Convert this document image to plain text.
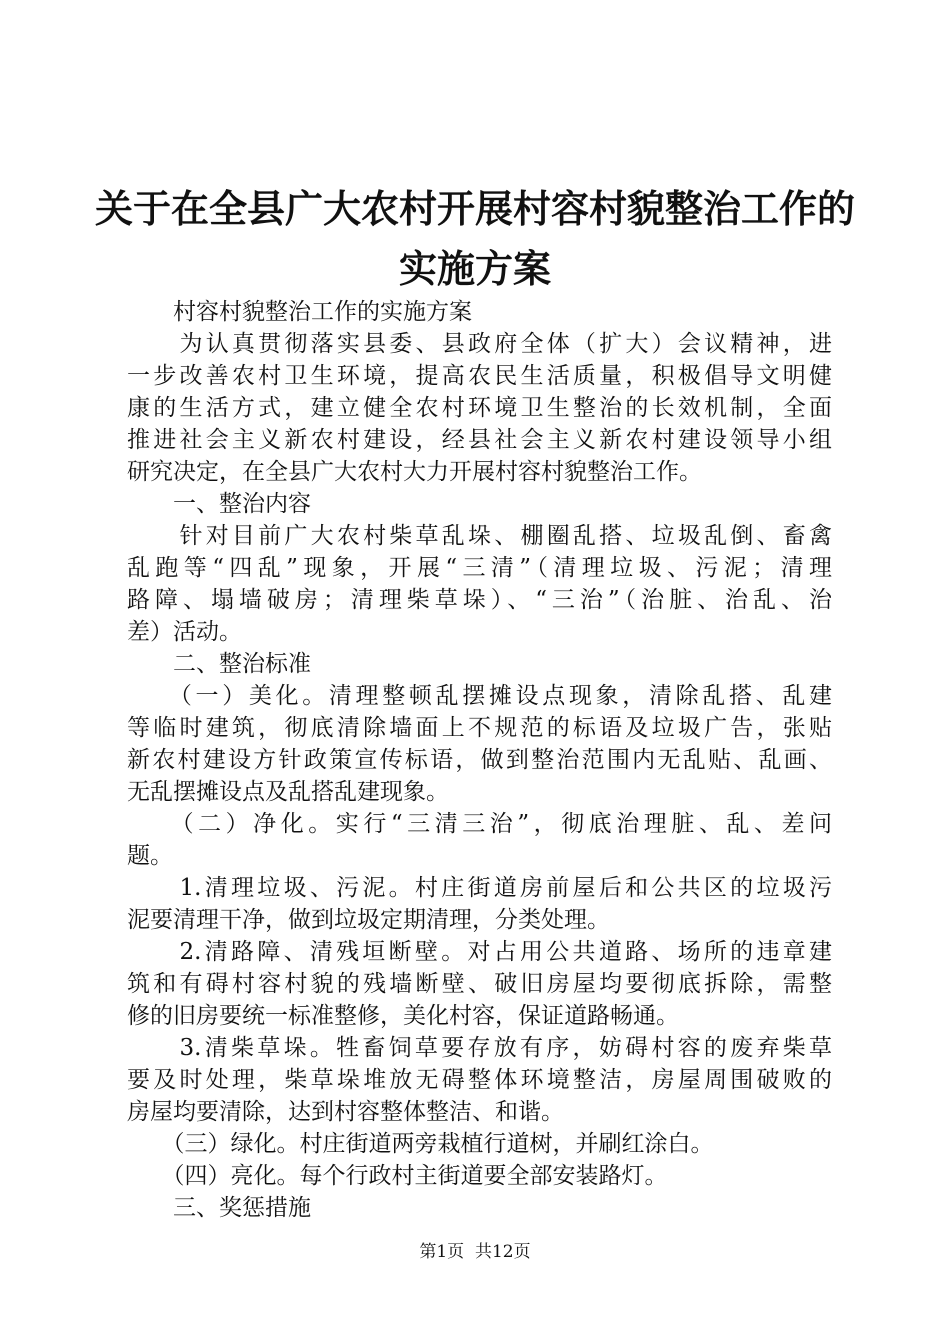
关于在全县广大农村开展村容村貌整治工作的
实施方案
　　村容村貌整治工作的实施方案
　　为认真贯彻落实县委、县政府全体（扩大）会议精神，进
一步改善农村卫生环境，提高农民生活质量，积极倡导文明健
康的生活方式，建立健全农村环境卫生整治的长效机制，全面
推进社会主义新农村建设，经县社会主义新农村建设领导小组
研究决定，在全县广大农村大力开展村容村貌整治工作。
　　一、整治内容
　　针对目前广大农村柴草乱垛、棚圈乱搭、垃圾乱倒、畜禽
乱跑等“四乱”现象，开展“三清”（清理垃圾、污泥；清理
路障、塌墙破房；清理柴草垛）、“三治”（治脏、治乱、治
差）活动。
　　二、整治标准
　　（一）美化。清理整顿乱摆摊设点现象，清除乱搭、乱建
等临时建筑，彻底清除墙面上不规范的标语及垃圾广告，张贴
新农村建设方针政策宣传标语，做到整治范围内无乱贴、乱画、
无乱摆摊设点及乱搭乱建现象。
　　（二）净化。实行“三清三治”，彻底治理脏、乱、差问
题。
　　1.清理垃圾、污泥。村庄街道房前屋后和公共区的垃圾污
泥要清理干净，做到垃圾定期清理，分类处理。
　　2.清路障、清残垣断壁。对占用公共道路、场所的违章建
筑和有碍村容村貌的残墙断壁、破旧房屋均要彻底拆除，需整
修的旧房要统一标准整修，美化村容，保证道路畅通。
　　3.清柴草垛。牲畜饲草要存放有序，妨碍村容的废弃柴草
要及时处理，柴草垛堆放无碍整体环境整洁，房屋周围破败的
房屋均要清除，达到村容整体整洁、和谐。
　　（三）绿化。村庄街道两旁栽植行道树，并刷红涂白。
　　（四）亮化。每个行政村主街道要全部安装路灯。
　　三、奖惩措施
第1页  共12页
